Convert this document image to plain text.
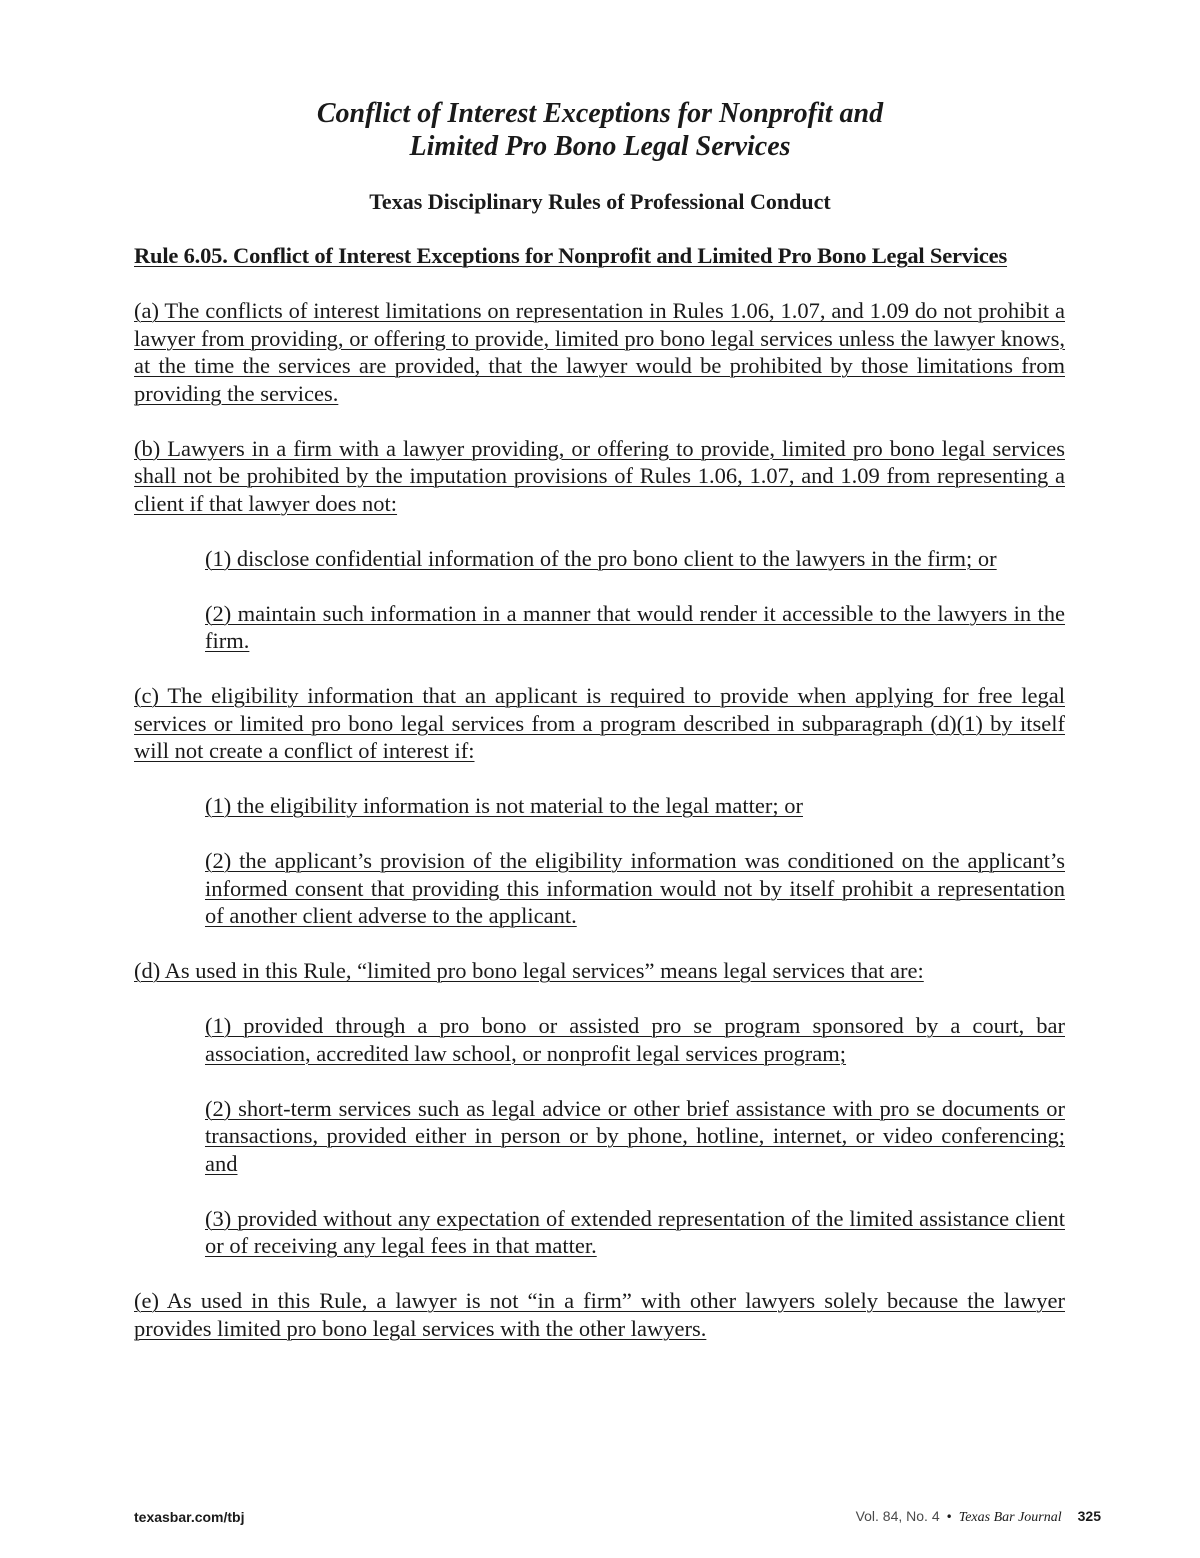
Conflict of Interest Exceptions for Nonprofit and
Limited Pro Bono Legal Services
Texas Disciplinary Rules of Professional Conduct

Rule 6.05. Conflict of Interest Exceptions for Nonprofit and Limited Pro Bono Legal Services

(a) The conflicts of interest limitations on representation in Rules 1.06, 1.07, and 1.09 do not prohibit a lawyer from providing, or offering to provide, limited pro bono legal services unless the lawyer knows, at the time the services are provided, that the lawyer would be prohibited by those limitations from providing the services.

(b) Lawyers in a firm with a lawyer providing, or offering to provide, limited pro bono legal services shall not be prohibited by the imputation provisions of Rules 1.06, 1.07, and 1.09 from representing a client if that lawyer does not:

(1) disclose confidential information of the pro bono client to the lawyers in the firm; or

(2) maintain such information in a manner that would render it accessible to the lawyers in the firm.

(c) The eligibility information that an applicant is required to provide when applying for free legal services or limited pro bono legal services from a program described in subparagraph (d)(1) by itself will not create a conflict of interest if:

(1) the eligibility information is not material to the legal matter; or

(2) the applicant’s provision of the eligibility information was conditioned on the applicant’s informed consent that providing this information would not by itself prohibit a representation of another client adverse to the applicant.

(d) As used in this Rule, “limited pro bono legal services” means legal services that are:

(1) provided through a pro bono or assisted pro se program sponsored by a court, bar association, accredited law school, or nonprofit legal services program;

(2) short-term services such as legal advice or other brief assistance with pro se documents or transactions, provided either in person or by phone, hotline, internet, or video conferencing; and

(3) provided without any expectation of extended representation of the limited assistance client or of receiving any legal fees in that matter.

(e) As used in this Rule, a lawyer is not “in a firm” with other lawyers solely because the lawyer provides limited pro bono legal services with the other lawyers.

texasbar.com/tbj	Vol. 84, No. 4 • Texas Bar Journal 325
